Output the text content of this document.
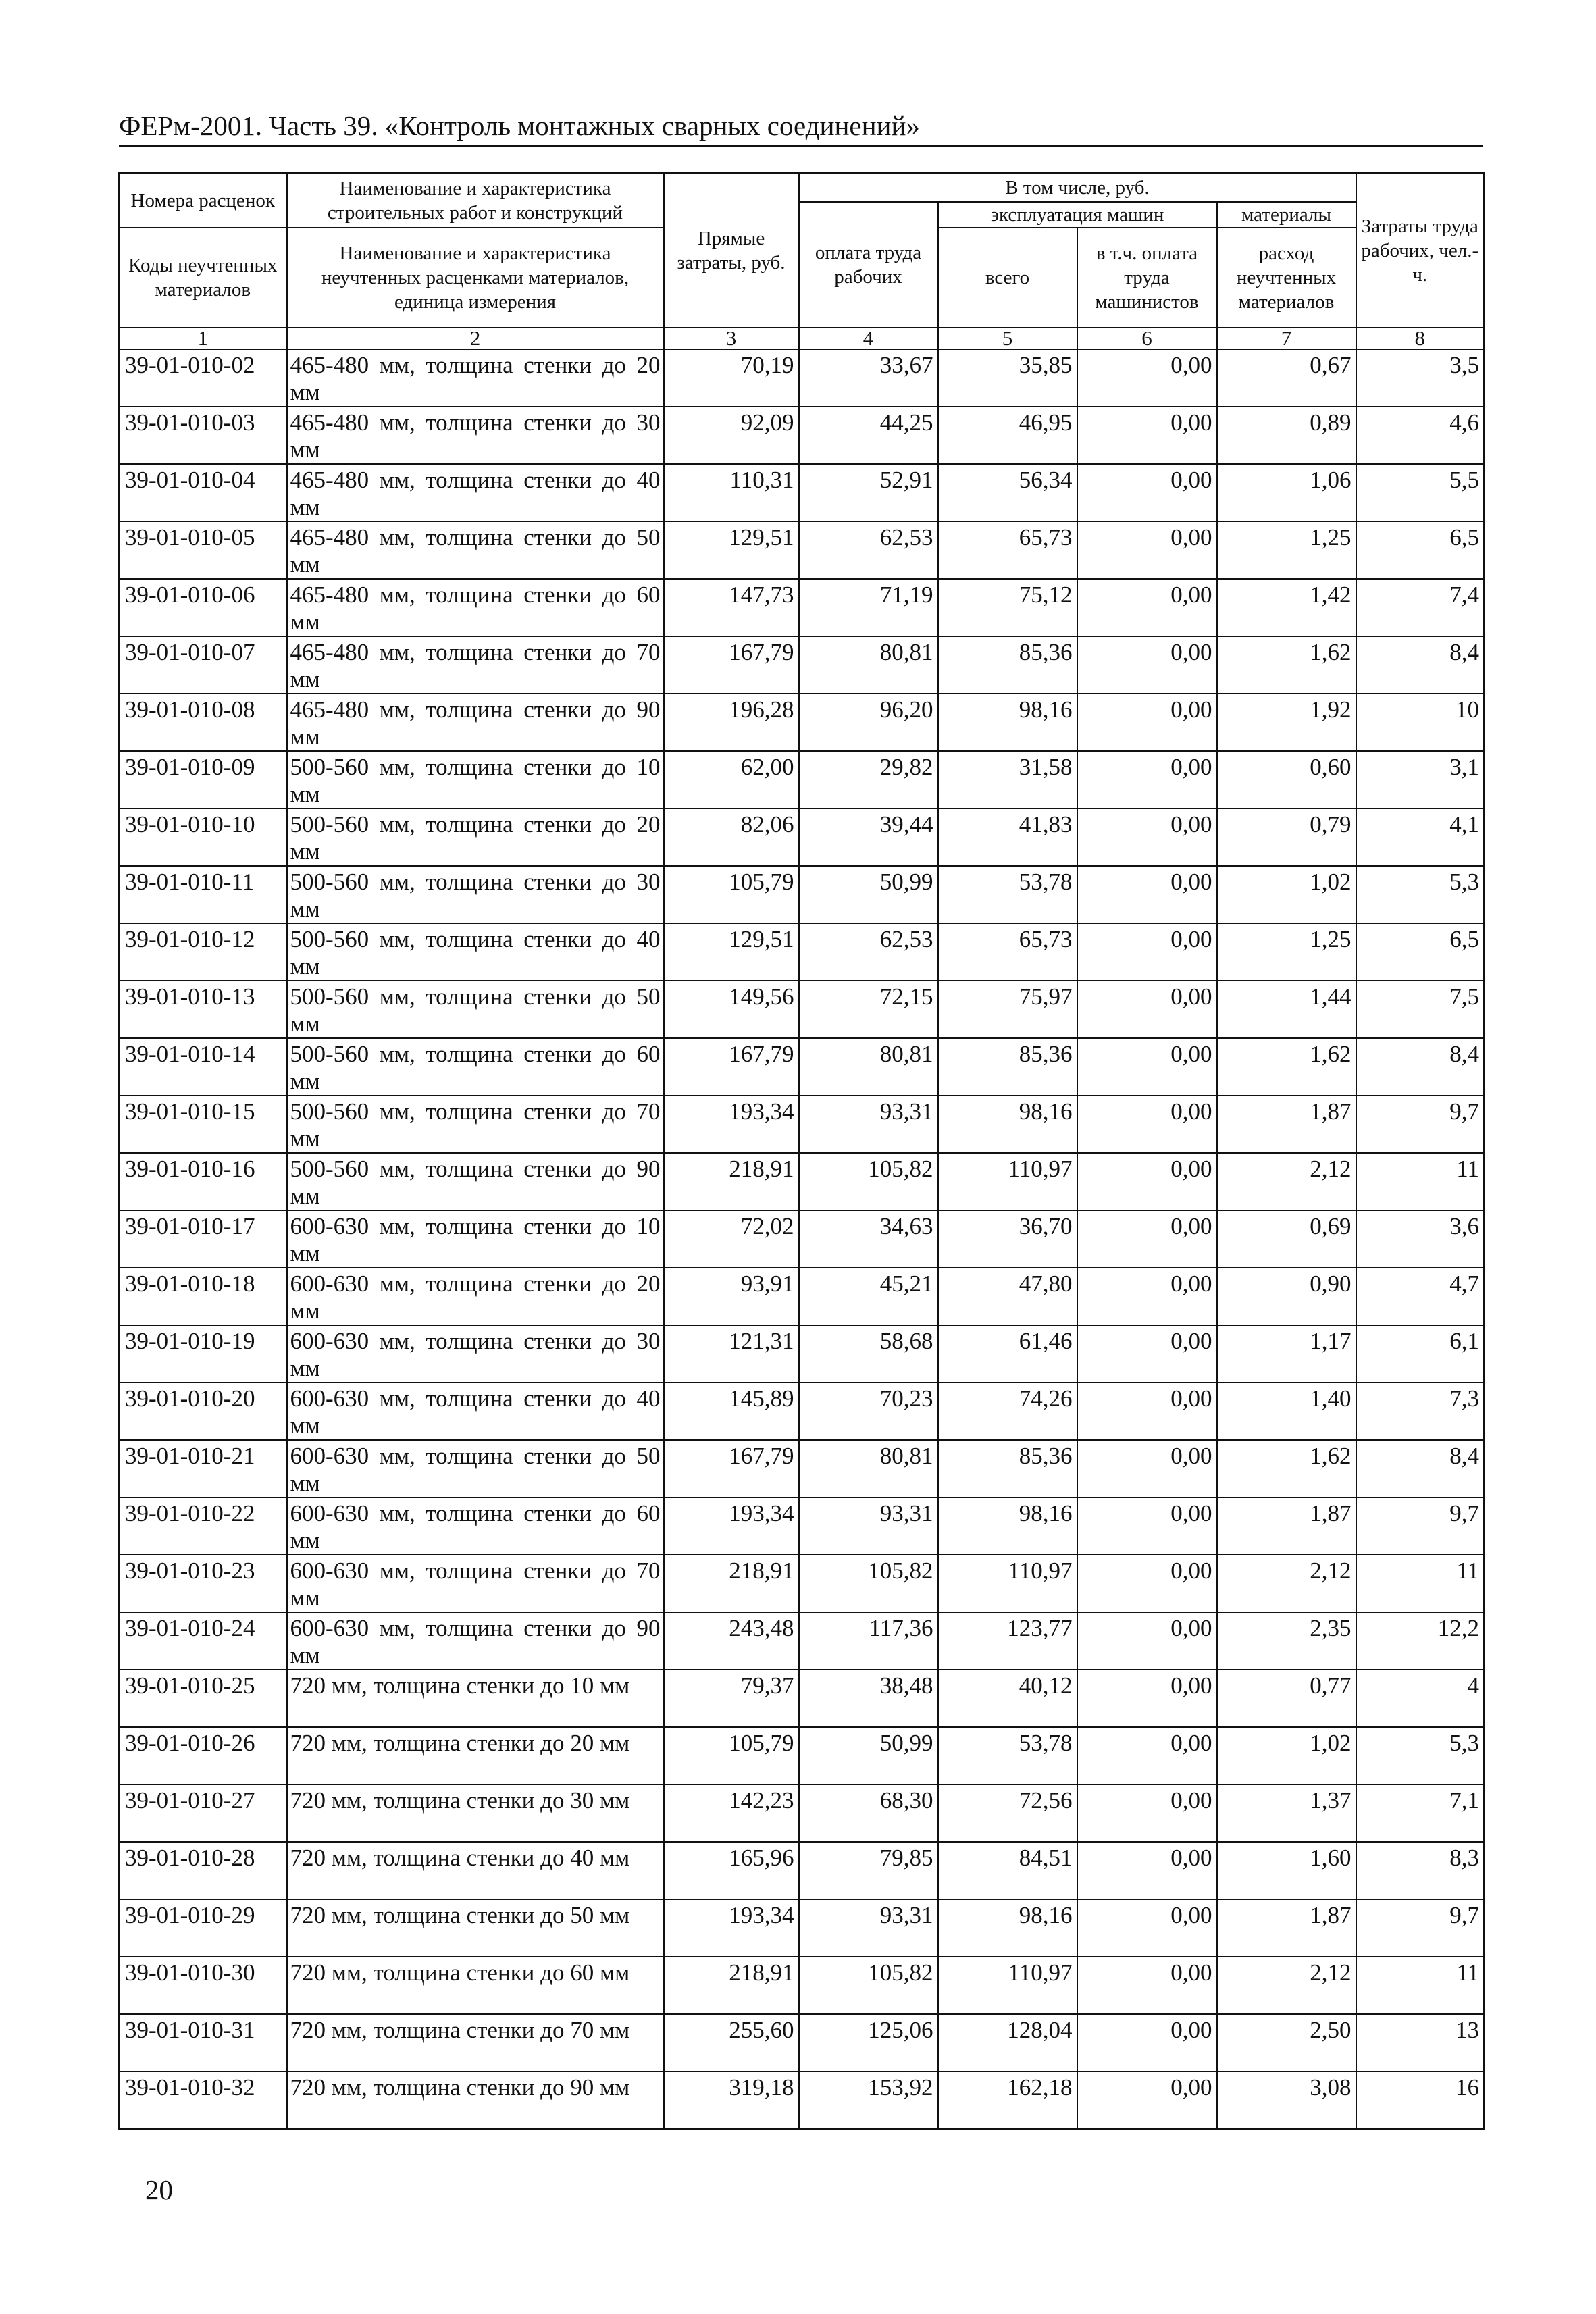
ФЕРм-2001. Часть 39. «Контроль монтажных сварных соединений»
Номера расценок	Наименование и характеристика строительных работ и конструкций	Прямые затраты, руб.	В том числе, руб.				Затраты труда рабочих, чел.-ч.
			оплата труда рабочих	эксплуатация машин		материалы	
Коды неучтенных материалов	Наименование и характеристика неучтенных расценками материалов, единица измерения			всего	в т.ч. оплата труда машинистов	расход неучтенных материалов	

1	2	3	4	5	6	7	8
39-01-010-02	465-480 мм, толщина стенки до 20 мм	70,19	33,67	35,85	0,00	0,67	3,5
39-01-010-03	465-480 мм, толщина стенки до 30 мм	92,09	44,25	46,95	0,00	0,89	4,6
39-01-010-04	465-480 мм, толщина стенки до 40 мм	110,31	52,91	56,34	0,00	1,06	5,5
39-01-010-05	465-480 мм, толщина стенки до 50 мм	129,51	62,53	65,73	0,00	1,25	6,5
39-01-010-06	465-480 мм, толщина стенки до 60 мм	147,73	71,19	75,12	0,00	1,42	7,4
39-01-010-07	465-480 мм, толщина стенки до 70 мм	167,79	80,81	85,36	0,00	1,62	8,4
39-01-010-08	465-480 мм, толщина стенки до 90 мм	196,28	96,20	98,16	0,00	1,92	10
39-01-010-09	500-560 мм, толщина стенки до 10 мм	62,00	29,82	31,58	0,00	0,60	3,1
39-01-010-10	500-560 мм, толщина стенки до 20 мм	82,06	39,44	41,83	0,00	0,79	4,1
39-01-010-11	500-560 мм, толщина стенки до 30 мм	105,79	50,99	53,78	0,00	1,02	5,3
39-01-010-12	500-560 мм, толщина стенки до 40 мм	129,51	62,53	65,73	0,00	1,25	6,5
39-01-010-13	500-560 мм, толщина стенки до 50 мм	149,56	72,15	75,97	0,00	1,44	7,5
39-01-010-14	500-560 мм, толщина стенки до 60 мм	167,79	80,81	85,36	0,00	1,62	8,4
39-01-010-15	500-560 мм, толщина стенки до 70 мм	193,34	93,31	98,16	0,00	1,87	9,7
39-01-010-16	500-560 мм, толщина стенки до 90 мм	218,91	105,82	110,97	0,00	2,12	11
39-01-010-17	600-630 мм, толщина стенки до 10 мм	72,02	34,63	36,70	0,00	0,69	3,6
39-01-010-18	600-630 мм, толщина стенки до 20 мм	93,91	45,21	47,80	0,00	0,90	4,7
39-01-010-19	600-630 мм, толщина стенки до 30 мм	121,31	58,68	61,46	0,00	1,17	6,1
39-01-010-20	600-630 мм, толщина стенки до 40 мм	145,89	70,23	74,26	0,00	1,40	7,3
39-01-010-21	600-630 мм, толщина стенки до 50 мм	167,79	80,81	85,36	0,00	1,62	8,4
39-01-010-22	600-630 мм, толщина стенки до 60 мм	193,34	93,31	98,16	0,00	1,87	9,7
39-01-010-23	600-630 мм, толщина стенки до 70 мм	218,91	105,82	110,97	0,00	2,12	11
39-01-010-24	600-630 мм, толщина стенки до 90 мм	243,48	117,36	123,77	0,00	2,35	12,2
39-01-010-25	720 мм, толщина стенки до 10 мм	79,37	38,48	40,12	0,00	0,77	4
39-01-010-26	720 мм, толщина стенки до 20 мм	105,79	50,99	53,78	0,00	1,02	5,3
39-01-010-27	720 мм, толщина стенки до 30 мм	142,23	68,30	72,56	0,00	1,37	7,1
39-01-010-28	720 мм, толщина стенки до 40 мм	165,96	79,85	84,51	0,00	1,60	8,3
39-01-010-29	720 мм, толщина стенки до 50 мм	193,34	93,31	98,16	0,00	1,87	9,7
39-01-010-30	720 мм, толщина стенки до 60 мм	218,91	105,82	110,97	0,00	2,12	11
39-01-010-31	720 мм, толщина стенки до 70 мм	255,60	125,06	128,04	0,00	2,50	13
39-01-010-32	720 мм, толщина стенки до 90 мм	319,18	153,92	162,18	0,00	3,08	16
20
